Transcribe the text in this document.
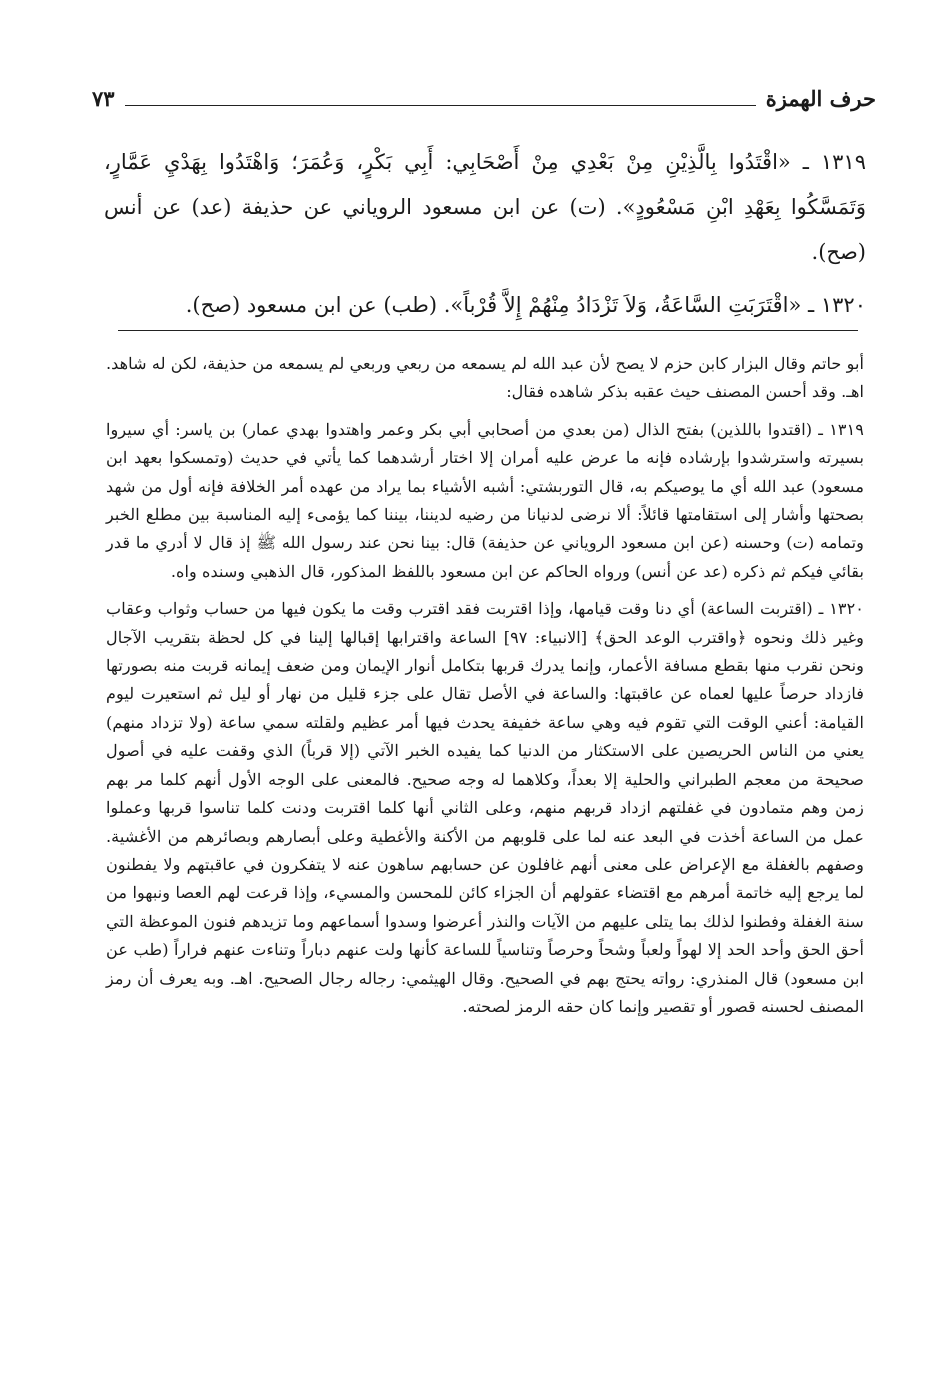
حرف الهمزة
٧٣

١٣١٩ ـ «اقْتَدُوا بِالَّذِيْنِ مِنْ بَعْدِي مِنْ أَصْحَابِي: أَبِي بَكْرٍ، وَعُمَرَ؛ وَاهْتَدُوا بِهَدْيِ عَمَّارٍ، وَتَمَسَّكُوا بِعَهْدِ ابْنِ مَسْعُودٍ». (ت) عن ابن مسعود الروياني عن حذيفة (عد) عن أنس (صح).

١٣٢٠ ـ «اقْتَرَبَتِ السَّاعَةُ، وَلاَ تَزْدَادُ مِنْهُمْ إِلاَّ قُرْباً». (طب) عن ابن مسعود (صح).

أبو حاتم وقال البزار كابن حزم لا يصح لأن عبد الله لم يسمعه من ربعي وربعي لم يسمعه من حذيفة، لكن له شاهد. اهـ. وقد أحسن المصنف حيث عقبه بذكر شاهده فقال:

١٣١٩ ـ (اقتدوا باللذين) بفتح الذال (من بعدي من أصحابي أبي بكر وعمر واهتدوا بهدي عمار) بن ياسر: أي سيروا بسيرته واسترشدوا بإرشاده فإنه ما عرض عليه أمران إلا اختار أرشدهما كما يأتي في حديث (وتمسكوا بعهد ابن مسعود) عبد الله أي ما يوصيكم به، قال التوربشتي: أشبه الأشياء بما يراد من عهده أمر الخلافة فإنه أول من شهد بصحتها وأشار إلى استقامتها قائلاً: ألا نرضى لدنيانا من رضيه لديننا، بيننا كما يؤمىء إليه المناسبة بين مطلع الخبر وتمامه (ت) وحسنه (عن ابن مسعود الروياني عن حذيفة) قال: بينا نحن عند رسول الله ﷺ إذ قال لا أدري ما قدر بقائي فيكم ثم ذكره (عد عن أنس) ورواه الحاكم عن ابن مسعود باللفظ المذكور، قال الذهبي وسنده واه.

١٣٢٠ ـ (اقتربت الساعة) أي دنا وقت قيامها، وإذا اقتربت فقد اقترب وقت ما يكون فيها من حساب وثواب وعقاب وغير ذلك ونحوه ﴿واقترب الوعد الحق﴾ [الانبياء: ٩٧] الساعة واقترابها إقبالها إلينا في كل لحظة بتقريب الآجال ونحن نقرب منها بقطع مسافة الأعمار، وإنما يدرك قربها بتكامل أنوار الإيمان ومن ضعف إيمانه قربت منه بصورتها فازداد حرصاً عليها لعماه عن عاقبتها: والساعة في الأصل تقال على جزء قليل من نهار أو ليل ثم استعيرت ليوم القيامة: أعني الوقت التي تقوم فيه وهي ساعة خفيفة يحدث فيها أمر عظيم ولقلته سمي ساعة (ولا تزداد منهم) يعني من الناس الحريصين على الاستكثار من الدنيا كما يفيده الخبر الآتي (إلا قرباً) الذي وقفت عليه في أصول صحيحة من معجم الطبراني والحلية إلا بعداً، وكلاهما له وجه صحيح. فالمعنى على الوجه الأول أنهم كلما مر بهم زمن وهم متمادون في غفلتهم ازداد قربهم منهم، وعلى الثاني أنها كلما اقتربت ودنت كلما تناسوا قربها وعملوا عمل من الساعة أخذت في البعد عنه لما على قلوبهم من الأكنة والأغطية وعلى أبصارهم وبصائرهم من الأغشية. وصفهم بالغفلة مع الإعراض على معنى أنهم غافلون عن حسابهم ساهون عنه لا يتفكرون في عاقبتهم ولا يفطنون لما يرجع إليه خاتمة أمرهم مع اقتضاء عقولهم أن الجزاء كائن للمحسن والمسيء، وإذا قرعت لهم العصا ونبهوا من سنة الغفلة وفطنوا لذلك بما يتلى عليهم من الآيات والنذر أعرضوا وسدوا أسماعهم وما تزيدهم فنون الموعظة التي أحق الحق وأحد الحد إلا لهواً ولعباً وشحاً وحرصاً وتناسياً للساعة كأنها ولت عنهم دباراً وتناءت عنهم فراراً (طب عن ابن مسعود) قال المنذري: رواته يحتج بهم في الصحيح. وقال الهيثمي: رجاله رجال الصحيح. اهـ. وبه يعرف أن رمز المصنف لحسنه قصور أو تقصير وإنما كان حقه الرمز لصحته.
